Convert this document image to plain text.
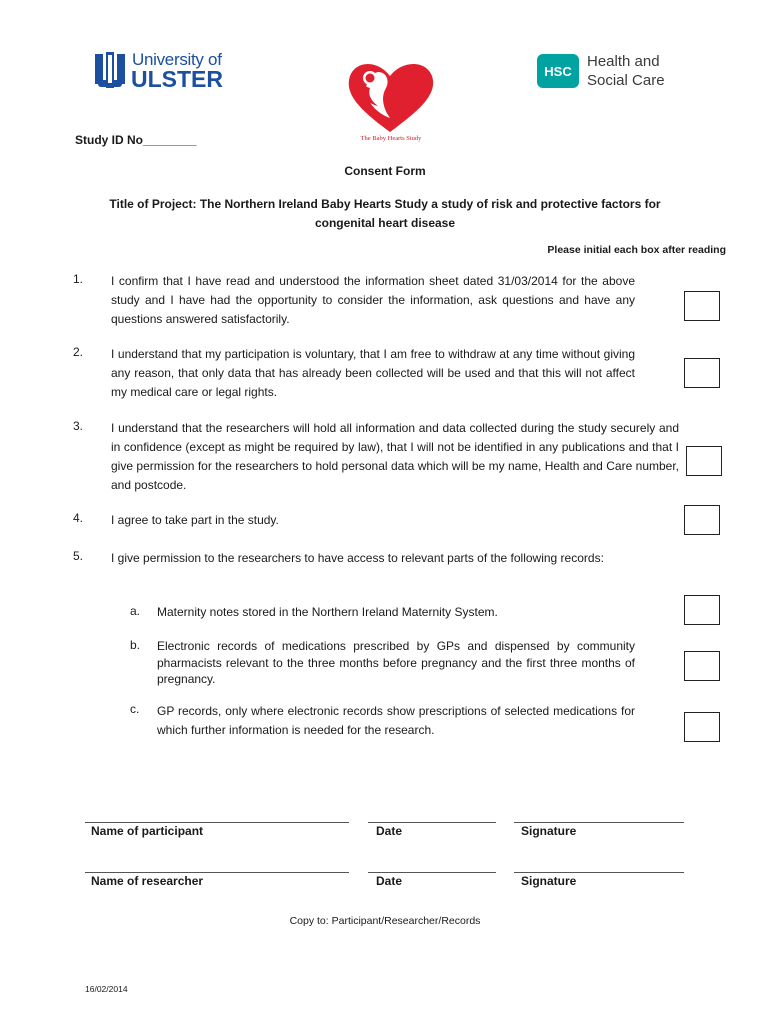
University of
ULSTER
The Baby Hearts Study
HSC
Health and
Social Care
Study ID No________
Consent Form
Title of Project: The Northern Ireland Baby Hearts Study a study of risk and protective factors for
congenital heart disease
Please initial each box after reading
1. I confirm that I have read and understood the information sheet dated 31/03/2014 for the above study and I have had the opportunity to consider the information, ask questions and have any questions answered satisfactorily.
2. I understand that my participation is voluntary, that I am free to withdraw at any time without giving any reason, that only data that has already been collected will be used and that this will not affect my medical care or legal rights.
3. I understand that the researchers will hold all information and data collected during the study securely and in confidence (except as might be required by law), that I will not be identified in any publications and that I give permission for the researchers to hold personal data which will be my name, Health and Care number, and postcode.
4. I agree to take part in the study.
5. I give permission to the researchers to have access to relevant parts of the following records:
a. Maternity notes stored in the Northern Ireland Maternity System.
b. Electronic records of medications prescribed by GPs and dispensed by community pharmacists relevant to the three months before pregnancy and the first three months of pregnancy.
c. GP records, only where electronic records show prescriptions of selected medications for which further information is needed for the research.
Name of participant	Date	Signature
Name of researcher	Date	Signature
Copy to: Participant/Researcher/Records
16/02/2014
